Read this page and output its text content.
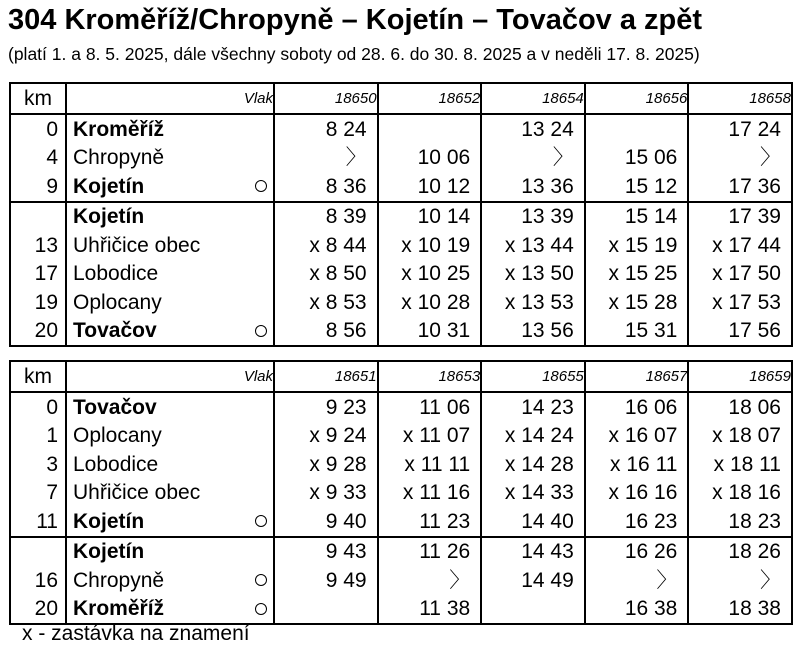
304 Kroměříž/Chropyně – Kojetín – Tovačov a zpět
(platí 1. a 8. 5. 2025, dále všechny soboty od 28. 6. do 30. 8. 2025 a v neděli 17. 8. 2025)
km	Vlak	18650	18652	18654	18656	18658
0	Kroměříž	8 24		13 24		17 24
4	Chropyně	〉	10 06	〉	15 06	〉
9	Kojetín	8 36	10 12	13 36	15 12	17 36
	Kojetín	8 39	10 14	13 39	15 14	17 39
13	Uhřičice obec	x 8 44	x 10 19	x 13 44	x 15 19	x 17 44
17	Lobodice	x 8 50	x 10 25	x 13 50	x 15 25	x 17 50
19	Oplocany	x 8 53	x 10 28	x 13 53	x 15 28	x 17 53
20	Tovačov	8 56	10 31	13 56	15 31	17 56
km	Vlak	18651	18653	18655	18657	18659
0	Tovačov	9 23	11 06	14 23	16 06	18 06
1	Oplocany	x 9 24	x 11 07	x 14 24	x 16 07	x 18 07
3	Lobodice	x 9 28	x 11 11	x 14 28	x 16 11	x 18 11
7	Uhřičice obec	x 9 33	x 11 16	x 14 33	x 16 16	x 18 16
11	Kojetín	9 40	11 23	14 40	16 23	18 23
	Kojetín	9 43	11 26	14 43	16 26	18 26
16	Chropyně	9 49	〉	14 49	〉	〉
20	Kroměříž		11 38		16 38	18 38
x - zastávka na znamení
